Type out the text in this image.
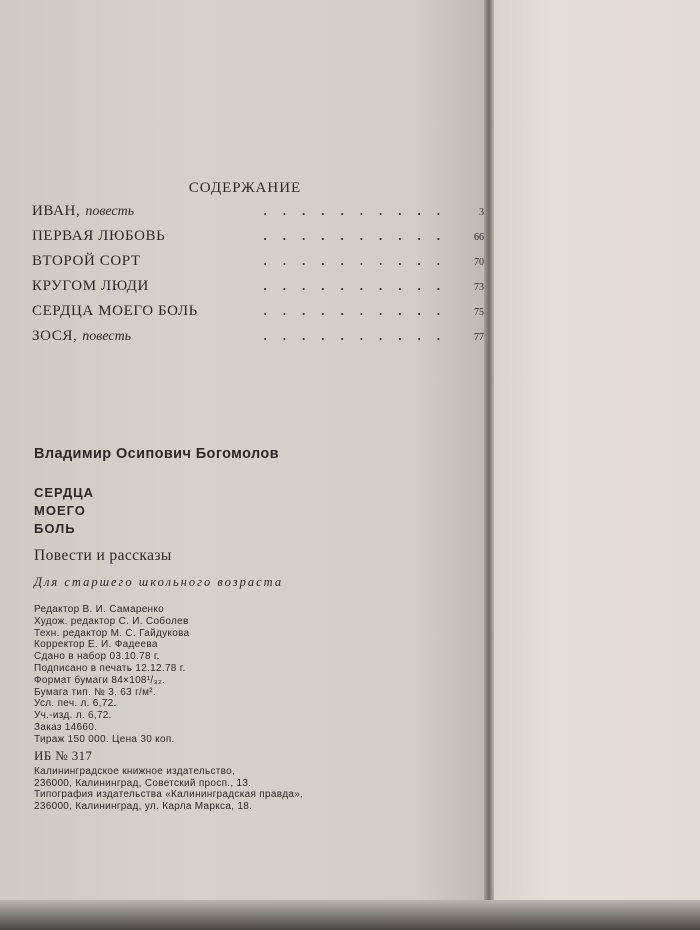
СОДЕРЖАНИЕ
ИВАН, повесть	..........	3
ПЕРВАЯ ЛЮБОВЬ	..........	66
ВТОРОЙ СОРТ	..........	70
КРУГОМ ЛЮДИ	..........	73
СЕРДЦА МОЕГО БОЛЬ	..........	75
ЗОСЯ, повесть	..........	77
Владимир Осипович Богомолов
СЕРДЦА
МОЕГО
БОЛЬ
Повести и рассказы
Для старшего школьного возраста
Редактор В. И. Самаренко
Худож. редактор С. И. Соболев
Техн. редактор М. С. Гайдукова
Корректор Е. И. Фадеева
Сдано в набор 03.10.78 г.
Подписано в печать 12.12.78 г.
Формат бумаги 84×108¹/₃₂.
Бумага тип. № 3, 63 г/м².
Усл. печ. л. 6,72.
Уч.-изд. л. 6,72.
Заказ 14660.
Тираж 150 000. Цена 30 коп.
ИБ № 317
Калининградское книжное издательство,
236000, Калининград, Советский просп., 13.
Типография издательства «Калининградская правда»,
236000, Калининград, ул. Карла Маркса, 18.
